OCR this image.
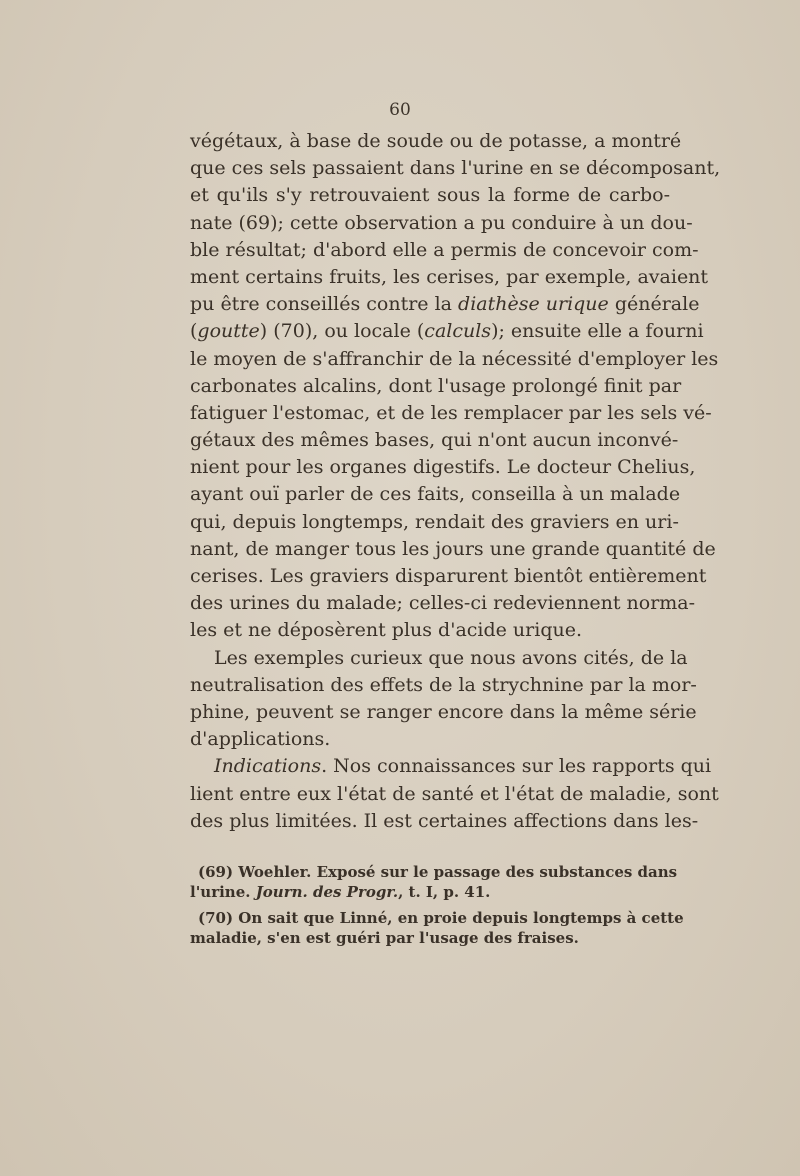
60
végétaux, à base de soude ou de potasse, a montré
que ces sels passaient dans l'urine en se décomposant,
et qu'ils s'y retrouvaient sous la forme de carbo-
nate (69); cette observation a pu conduire à un dou-
ble résultat; d'abord elle a permis de concevoir com-
ment certains fruits, les cerises, par exemple, avaient
pu être conseillés contre la diathèse urique générale
(goutte) (70), ou locale (calculs); ensuite elle a fourni
le moyen de s'affranchir de la nécessité d'employer les
carbonates alcalins, dont l'usage prolongé finit par
fatiguer l'estomac, et de les remplacer par les sels vé-
gétaux des mêmes bases, qui n'ont aucun inconvé-
nient pour les organes digestifs. Le docteur Chelius,
ayant ouï parler de ces faits, conseilla à un malade
qui, depuis longtemps, rendait des graviers en uri-
nant, de manger tous les jours une grande quantité de
cerises. Les graviers disparurent bientôt entièrement
des urines du malade; celles-ci redeviennent norma-
les et ne déposèrent plus d'acide urique.
Les exemples curieux que nous avons cités, de la
neutralisation des effets de la strychnine par la mor-
phine, peuvent se ranger encore dans la même série
d'applications.
Indications. Nos connaissances sur les rapports qui
lient entre eux l'état de santé et l'état de maladie, sont
des plus limitées. Il est certaines affections dans les-
(69) Woehler. Exposé sur le passage des substances dans
l'urine. Journ. des Progr., t. I, p. 41.
(70) On sait que Linné, en proie depuis longtemps à cette
maladie, s'en est guéri par l'usage des fraises.
